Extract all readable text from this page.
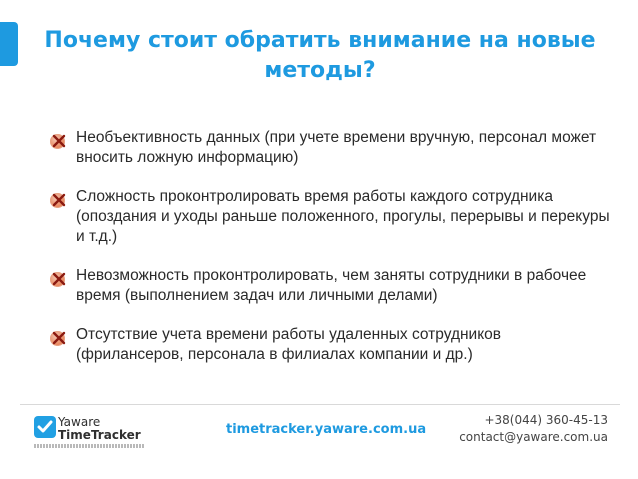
Почему стоит обратить внимание на новые методы?
Необъективность данных (при учете времени вручную, персонал может вносить ложную информацию)
Сложность проконтролировать время работы каждого сотрудника (опоздания и уходы раньше положенного, прогулы, перерывы и перекуры и т.д.)
Невозможность проконтролировать, чем заняты сотрудники в рабочее время (выполнением задач или личными делами)
Отсутствие учета времени работы удаленных сотрудников (фрилансеров, персонала в филиалах компании и др.)
Yaware
TimeTracker	timetracker.yaware.com.ua
+38(044) 360-45-13
contact@yaware.com.ua
